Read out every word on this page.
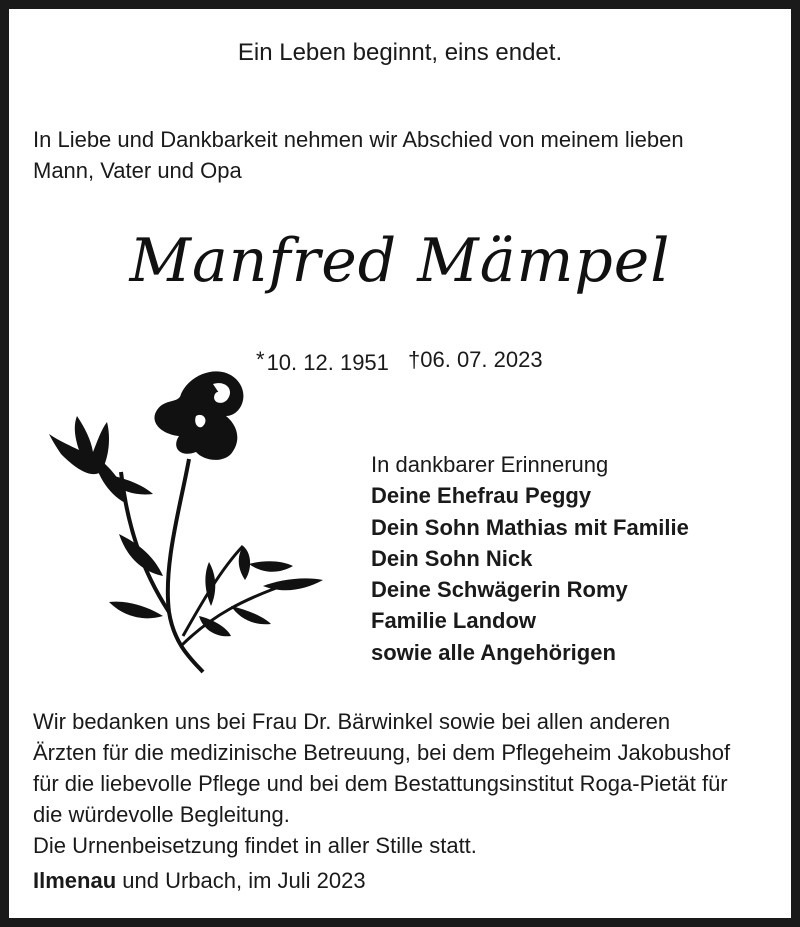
Ein Leben beginnt, eins endet.
In Liebe und Dankbarkeit nehmen wir Abschied von meinem lieben
Mann, Vater und Opa
Manfred Mämpel
*10. 12. 1951 †06. 07. 2023
In dankbarer Erinnerung
Deine Ehefrau Peggy
Dein Sohn Mathias mit Familie
Dein Sohn Nick
Deine Schwägerin Romy
Familie Landow
sowie alle Angehörigen
Wir bedanken uns bei Frau Dr. Bärwinkel sowie bei allen anderen
Ärzten für die medizinische Betreuung, bei dem Pflegeheim Jakobushof
für die liebevolle Pflege und bei dem Bestattungsinstitut Roga-Pietät für
die würdevolle Begleitung.
Die Urnenbeisetzung findet in aller Stille statt.
Ilmenau und Urbach, im Juli 2023
